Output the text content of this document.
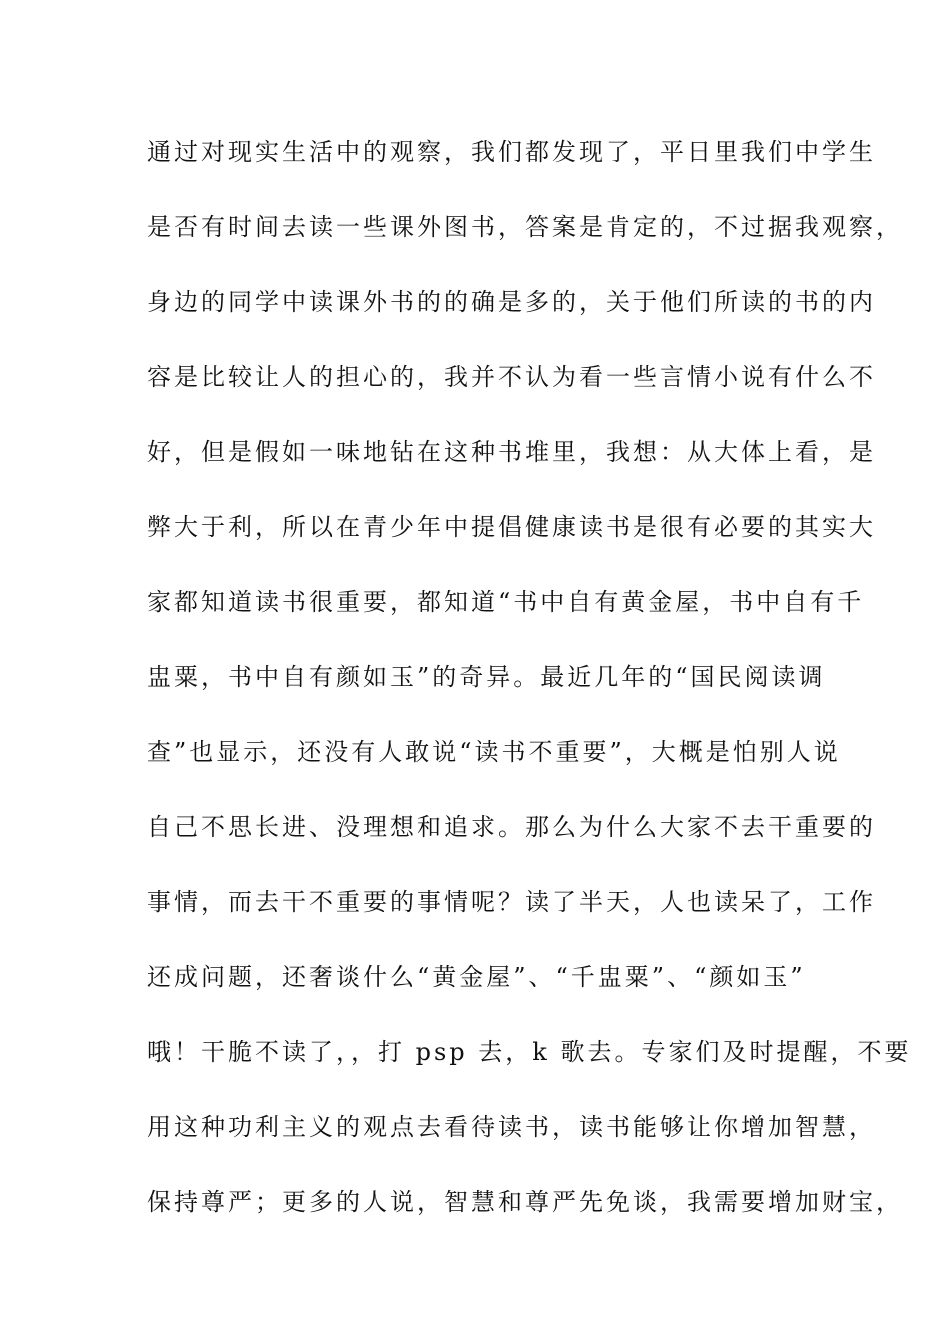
通过对现实生活中的观察，我们都发现了，平日里我们中学生
是否有时间去读一些课外图书，答案是肯定的，不过据我观察，
身边的同学中读课外书的的确是多的，关于他们所读的书的内
容是比较让人的担心的，我并不认为看一些言情小说有什么不
好，但是假如一味地钻在这种书堆里，我想：从大体上看，是
弊大于利，所以在青少年中提倡健康读书是很有必要的其实大
家都知道读书很重要，都知道“书中自有黄金屋，书中自有千
盅粟，书中自有颜如玉”的奇异。最近几年的“国民阅读调
查”也显示，还没有人敢说“读书不重要”，大概是怕别人说
自己不思长进、没理想和追求。那么为什么大家不去干重要的
事情，而去干不重要的事情呢？读了半天，人也读呆了，工作
还成问题，还奢谈什么“黄金屋”、“千盅粟”、“颜如玉”
哦！干脆不读了，，打 psp 去，k 歌去。专家们及时提醒，不要
用这种功利主义的观点去看待读书，读书能够让你增加智慧，
保持尊严；更多的人说，智慧和尊严先免谈，我需要增加财宝，
